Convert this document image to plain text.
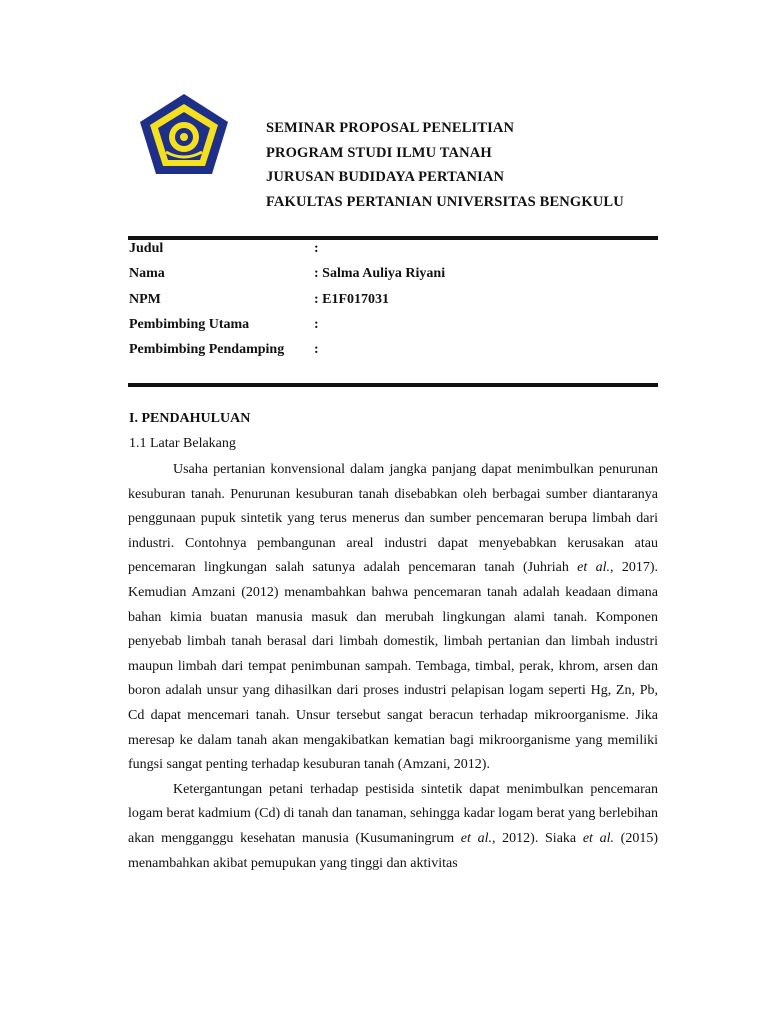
SEMINAR PROPOSAL PENELITIAN
PROGRAM STUDI ILMU TANAH
JURUSAN BUDIDAYA PERTANIAN
FAKULTAS PERTANIAN UNIVERSITAS BENGKULU
Judul	:
Nama	: Salma Auliya Riyani
NPM	: E1F017031
Pembimbing Utama	:
Pembimbing Pendamping :
I. PENDAHULUAN
1.1 Latar Belakang

Usaha pertanian konvensional dalam jangka panjang dapat menimbulkan penurunan kesuburan tanah. Penurunan kesuburan tanah disebabkan oleh berbagai sumber diantaranya penggunaan pupuk sintetik yang terus menerus dan sumber pencemaran berupa limbah dari industri. Contohnya pembangunan areal industri dapat menyebabkan kerusakan atau pencemaran lingkungan salah satunya adalah pencemaran tanah (Juhriah et al., 2017). Kemudian Amzani (2012) menambahkan bahwa pencemaran tanah adalah keadaan dimana bahan kimia buatan manusia masuk dan merubah lingkungan alami tanah. Komponen penyebab limbah tanah berasal dari limbah domestik, limbah pertanian dan limbah industri maupun limbah dari tempat penimbunan sampah. Tembaga, timbal, perak, khrom, arsen dan boron adalah unsur yang dihasilkan dari proses industri pelapisan logam seperti Hg, Zn, Pb, Cd dapat mencemari tanah. Unsur tersebut sangat beracun terhadap mikroorganisme. Jika meresap ke dalam tanah akan mengakibatkan kematian bagi mikroorganisme yang memiliki fungsi sangat penting terhadap kesuburan tanah (Amzani, 2012).

Ketergantungan petani terhadap pestisida sintetik dapat menimbulkan pencemaran logam berat kadmium (Cd) di tanah dan tanaman, sehingga kadar logam berat yang berlebihan akan mengganggu kesehatan manusia (Kusumaningrum et al., 2012). Siaka et al. (2015) menambahkan akibat pemupukan yang tinggi dan aktivitas
